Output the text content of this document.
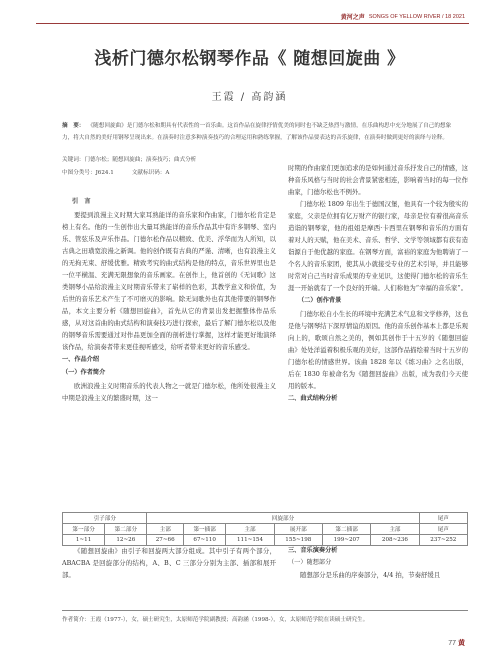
黄河之声 SONGS OF YELLOW RIVER / 18 2021
浅析门德尔松钢琴作品《 随想回旋曲 》
王霞 / 高韵涵
摘　要： 《随想回旋曲》是门德尔松和期具有代表性的一首乐曲。这首作品在旋律抒情优美的同时也不缺乏热烈与激情，在乐曲构思中充分地展了自己的想象力，将大自然的美好用钢琴呈现出来。在演奏时注意多种演奏技巧的合理运用和熟练掌握，了解该作品要表达的音乐旋律，在演奏时做到更好的演绎与诠释。
关键词：门德尔松；随想回旋曲；演奏技巧；曲式分析
中图分类号：J624.1	文献标识码：A

引　言

要提到浪漫主义时期大家耳熟能详的音乐家和作曲家，门德尔松肯定是榜上有名。他的一生创作出大量耳熟能详的音乐作品其中有许多钢琴、室内乐、管弦乐及声乐作品。门德尔松作品以精致、优美、浮华而为人所知，以古典之田璜宽浪漫之新调。他的创作既有古典的严谨、清晰，也有浪漫主义的无拘无束、舒缓优雅。精致考究的曲式结构是他的特点，音乐世界里也是一位平横温、充满无限想象的音乐画家。在创作上，他首创的《无词歌》这类钢琴小品给浪漫主义时期音乐带来了崭样的色彩，其教学意义和价值，为后世的音乐艺术产生了不可磨灭的影响。除无词歌外也有其他带要的钢琴作品，本文主要分析《随想回旋曲》，首先从它的背景出发把握整体作品乐感，从对这首曲的曲式结构和演奏技巧进行探索，最后了解门德尔松以及他的钢琴音乐需要通过对作品更加全面的剖析进行掌握，这样才能更好地演绎该作品，给演奏者带来更佳视听感受，给听者带来更好的音乐感受。

一、作品介绍

（一）作者简介

欧洲浪漫主义时期音乐的代表人物之一就是门德尔松，他所处很漫主义中期是浪漫主义的繁盛时期，这一

时期的作曲家们更加追求的是如何通过音乐抒发自己的情感，这种音乐风格与当时的社会背景紧密相连，影响着当时的每一位作曲家，门德尔松也不例外。

门德尔松 1809 年出生于德国汉堡，他具有一个较为殷实的家庭，父亲是位拥有亿万财产的银行家，母亲是位有着很高音乐造诣的钢琴家，他的祖姐是摩西·卡西里在钢琴和音乐的方面有着对人的天赋，他在美术、音乐、哲学、文学等领域都有获有造诣源自于他优越的家庭。在钢琴方面，富裕的家庭为他聘请了一个名人的音乐家团，使其从小就接受专业的艺术引导，并且能够时常对自己当时音乐成果的专业见识，这使得门德尔松的音乐生涯一开始就有了一个良好的开端。人们称他为“幸福的音乐家”。

（二）创作背景

门德尔松自小生长的环境中充满艺术气息和文学修养，这也是他与钢琴结下深厚情谊的原因。他的音乐创作基本上都是乐观向上的，歌颂自然之美的，例如其创作于十五岁的《随想回旋曲》处处洋溢着积极乐观的美好，这部作品描绘着当时十五岁的门德尔松的情感世界。该曲 1828 年以《练习曲》之名出版，后在 1830 年被命名为《随想回旋曲》出版，成为我们今天使用的版本。

二、曲式结构分析

引子部分		回旋部分						尾声
第一部分	第二部分	主部	第一插部	主部	展开部	第二插部	主部	尾声
1~11	12~26	27~66	67~110	111~154	155~198	199~207	208~236	237~252

《随想回旋曲》由引子和回旋两大部分组成。其中引子有两个部分，ABACBA 是回旋部分的结构，A、B、C 三部分分别为主部、插部和展开部。

三、音乐演奏分析

（一）随想部分

随想部分是乐曲的序奏部分，4/4 拍，节奏舒缓且

作者简介：王霞（1977-），女，硕士研究生，太原师范学院副教授；高韵涵（1998-），女，太原师范学院在读硕士研究生。
77 黄
